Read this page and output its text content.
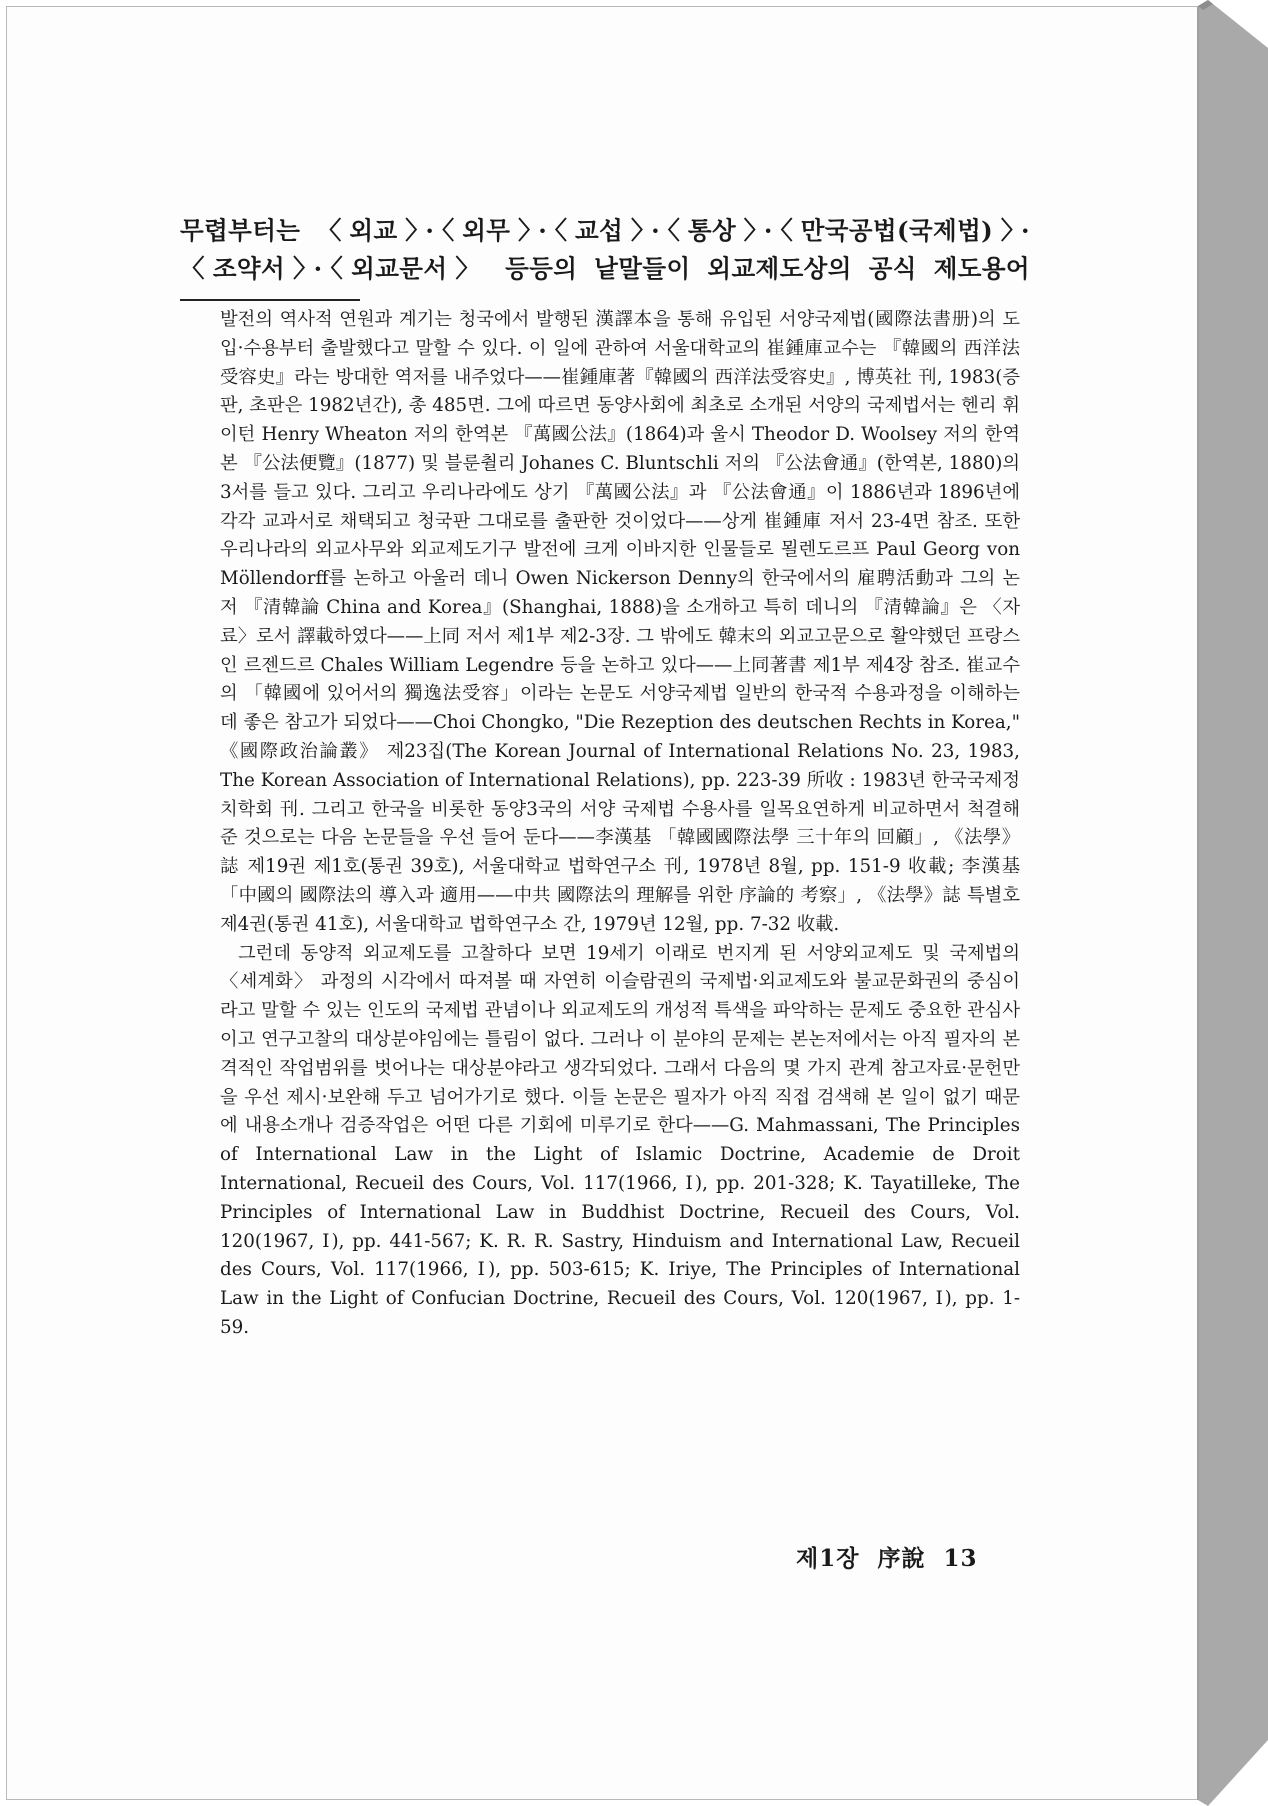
무렵부터는 〈외교〉·〈외무〉·〈교섭〉·〈통상〉·〈만국공법(국제법)〉·
〈조약서〉·〈외교문서〉 등등의 낱말들이 외교제도상의 공식 제도용어

발전의 역사적 연원과 계기는 청국에서 발행된 漢譯本을 통해 유입된 서양국제법(國際法書册)의 도입·수용부터 출발했다고 말할 수 있다. 이 일에 관하여 서울대학교의 崔鍾庫교수는 『韓國의 西洋法受容史』라는 방대한 역저를 내주었다——崔鍾庫著『韓國의 西洋法受容史』, 博英社 刊, 1983(증판, 초판은 1982년간), 총 485면. 그에 따르면 동양사회에 최초로 소개된 서양의 국제법서는 헨리 휘이턴 Henry Wheaton 저의 한역본 『萬國公法』(1864)과 울시 Theodor D. Woolsey 저의 한역본 『公法便覽』(1877) 및 블룬췰리 Johanes C. Bluntschli 저의 『公法會通』(한역본, 1880)의 3서를 들고 있다. 그리고 우리나라에도 상기 『萬國公法』과 『公法會通』이 1886년과 1896년에 각각 교과서로 채택되고 청국판 그대로를 출판한 것이었다——상게 崔鍾庫 저서 23-4면 참조. 또한 우리나라의 외교사무와 외교제도기구 발전에 크게 이바지한 인물들로 묄렌도르프 Paul Georg von Möllendorff를 논하고 아울러 데니 Owen Nickerson Denny의 한국에서의 雇聘活動과 그의 논저 『清韓論 China and Korea』(Shanghai, 1888)을 소개하고 특히 데니의 『清韓論』은 〈자료〉로서 譯載하였다——上同 저서 제1부 제2-3장. 그 밖에도 韓末의 외교고문으로 활약했던 프랑스인 르젠드르 Chales William Legendre 등을 논하고 있다——上同著書 제1부 제4장 참조. 崔교수의 「韓國에 있어서의 獨逸法受容」이라는 논문도 서양국제법 일반의 한국적 수용과정을 이해하는 데 좋은 참고가 되었다——Choi Chongko, "Die Rezeption des deutschen Rechts in Korea," 《國際政治論叢》 제23집(The Korean Journal of International Relations No. 23, 1983, The Korean Association of International Relations), pp. 223-39 所收 : 1983년 한국국제정치학회 刊. 그리고 한국을 비롯한 동양3국의 서양 국제법 수용사를 일목요연하게 비교하면서 척결해 준 것으로는 다음 논문들을 우선 들어 둔다——李漢基 「韓國國際法學 三十年의 回顧」, 《法學》誌 제19권 제1호(통권 39호), 서울대학교 법학연구소 刊, 1978년 8월, pp. 151-9 收載; 李漢基 「中國의 國際法의 導入과 適用——中共 國際法의 理解를 위한 序論的 考察」, 《法學》誌 특별호 제4권(통권 41호), 서울대학교 법학연구소 간, 1979년 12월, pp. 7-32 收載.

그런데 동양적 외교제도를 고찰하다 보면 19세기 이래로 번지게 된 서양외교제도 및 국제법의 〈세계화〉 과정의 시각에서 따져볼 때 자연히 이슬람권의 국제법·외교제도와 불교문화권의 중심이라고 말할 수 있는 인도의 국제법 관념이나 외교제도의 개성적 특색을 파악하는 문제도 중요한 관심사이고 연구고찰의 대상분야임에는 틀림이 없다. 그러나 이 분야의 문제는 본논저에서는 아직 필자의 본격적인 작업범위를 벗어나는 대상분야라고 생각되었다. 그래서 다음의 몇 가지 관계 참고자료·문헌만을 우선 제시·보완해 두고 넘어가기로 했다. 이들 논문은 필자가 아직 직접 검색해 본 일이 없기 때문에 내용소개나 검증작업은 어떤 다른 기회에 미루기로 한다——G. Mahmassani, The Principles of International Law in the Light of Islamic Doctrine, Academie de Droit International, Recueil des Cours, Vol. 117(1966, Ⅰ), pp. 201-328; K. Tayatilleke, The Principles of International Law in Buddhist Doctrine, Recueil des Cours, Vol. 120(1967, Ⅰ), pp. 441-567; K. R. R. Sastry, Hinduism and International Law, Recueil des Cours, Vol. 117(1966, Ⅰ), pp. 503-615; K. Iriye, The Principles of International Law in the Light of Confucian Doctrine, Recueil des Cours, Vol. 120(1967, Ⅰ), pp. 1-59.

제1장 序說 13
